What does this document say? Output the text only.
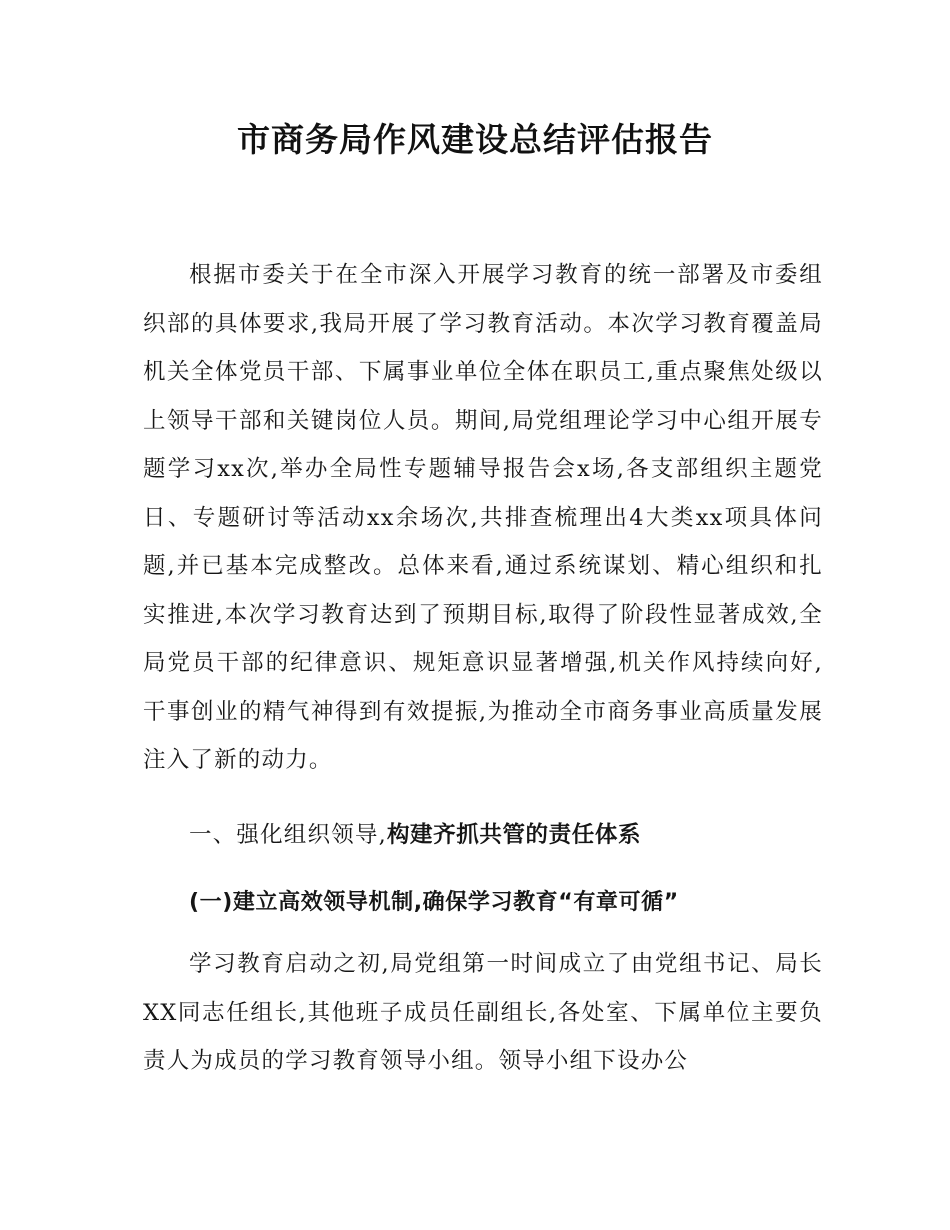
市商务局作风建设总结评估报告

根据市委关于在全市深入开展学习教育的统一部署及市委组织部的具体要求,我局开展了学习教育活动。本次学习教育覆盖局机关全体党员干部、下属事业单位全体在职员工,重点聚焦处级以上领导干部和关键岗位人员。期间,局党组理论学习中心组开展专题学习xx次,举办全局性专题辅导报告会x场,各支部组织主题党日、专题研讨等活动xx余场次,共排查梳理出4大类xx项具体问题,并已基本完成整改。总体来看,通过系统谋划、精心组织和扎实推进,本次学习教育达到了预期目标,取得了阶段性显著成效,全局党员干部的纪律意识、规矩意识显著增强,机关作风持续向好,干事创业的精气神得到有效提振,为推动全市商务事业高质量发展注入了新的动力。

一、强化组织领导,构建齐抓共管的责任体系

(一)建立高效领导机制,确保学习教育“有章可循”

学习教育启动之初,局党组第一时间成立了由党组书记、局长XX同志任组长,其他班子成员任副组长,各处室、下属单位主要负责人为成员的学习教育领导小组。领导小组下设办公
